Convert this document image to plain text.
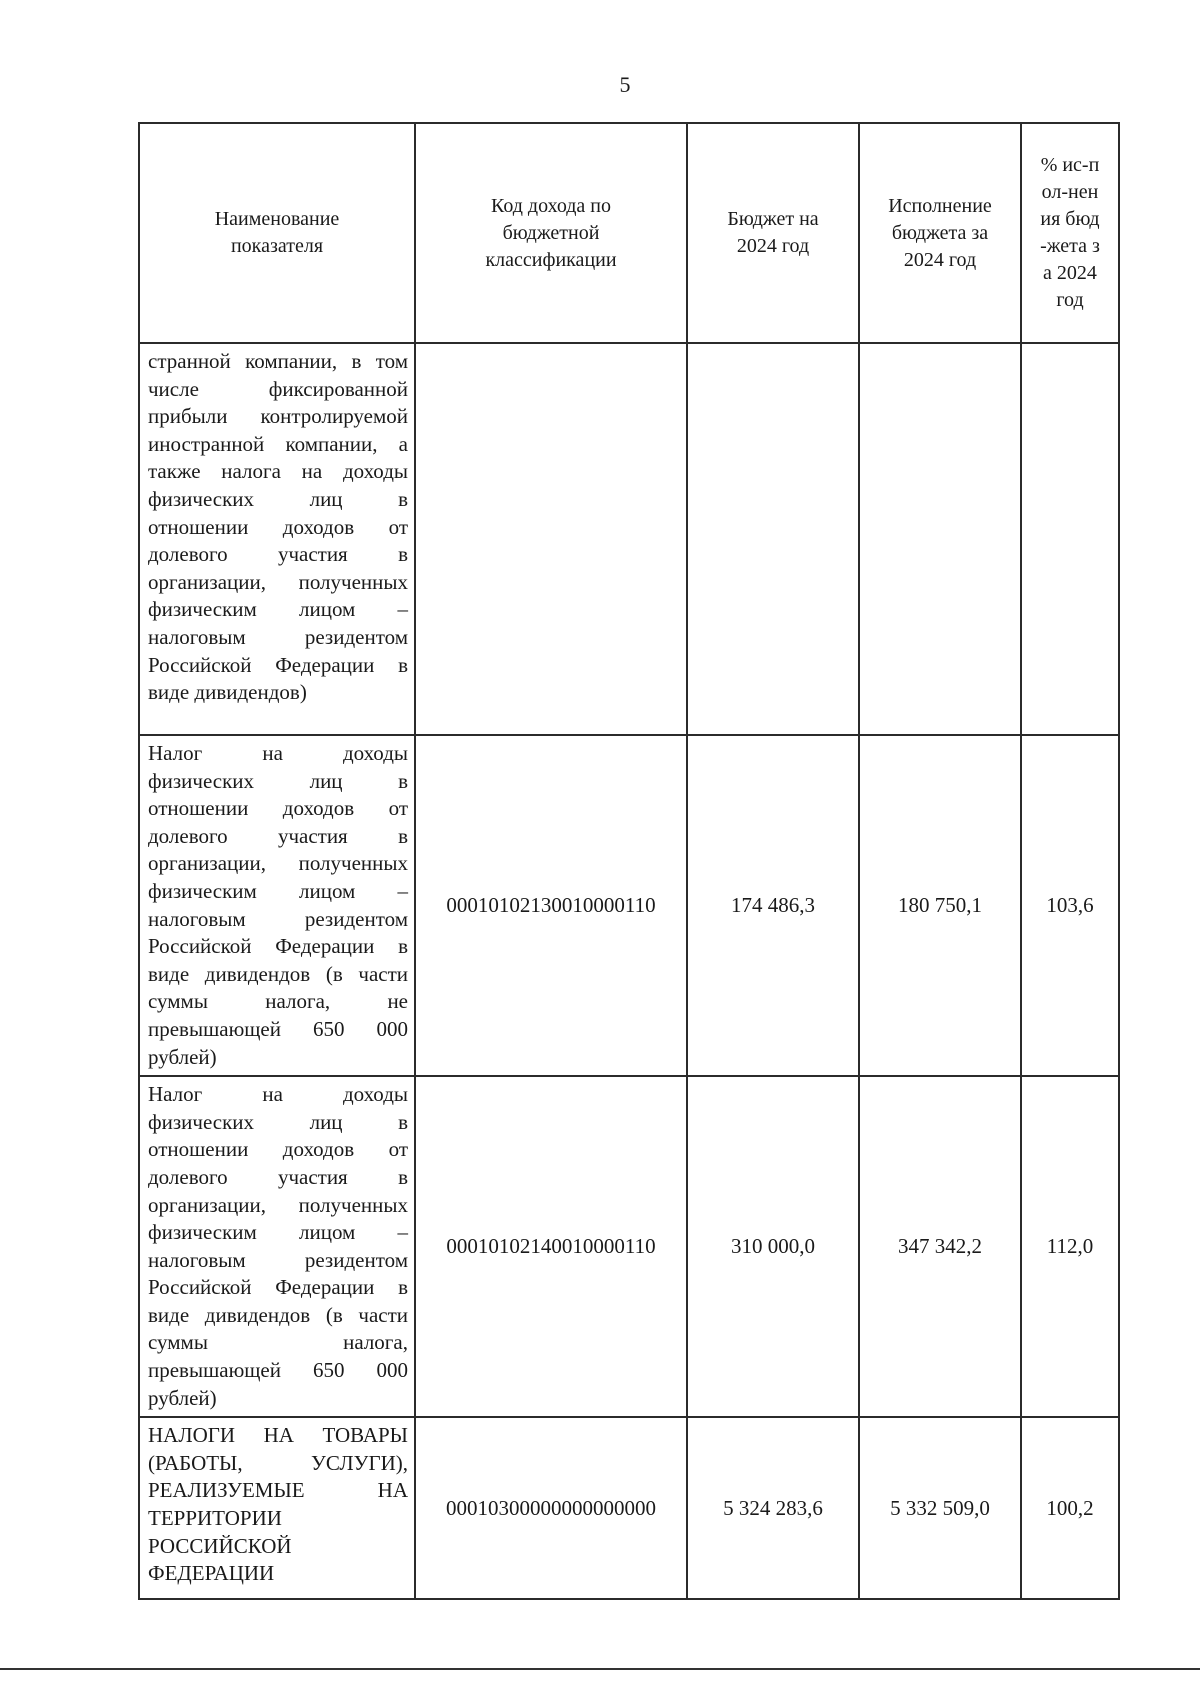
5
Наименование показателя	Код дохода по бюджетной классификации	Бюджет на 2024 год	Исполнение бюджета за 2024 год	% ис-пол-нения бюд-жета за 2024 год
странной компании, в том числе фиксированной прибыли контролируемой иностранной компании, а также налога на доходы физических лиц в отношении доходов от долевого участия в организации, полученных физическим лицом – налоговым резидентом Российской Федерации в виде дивидендов)				
Налог на доходы физических лиц в отношении доходов от долевого участия в организации, полученных физическим лицом – налоговым резидентом Российской Федерации в виде дивидендов (в части суммы налога, не превышающей 650 000 рублей)	00010102130010000110	174 486,3	180 750,1	103,6
Налог на доходы физических лиц в отношении доходов от долевого участия в организации, полученных физическим лицом – налоговым резидентом Российской Федерации в виде дивидендов (в части суммы налога, превышающей 650 000 рублей)	00010102140010000110	310 000,0	347 342,2	112,0
НАЛОГИ НА ТОВАРЫ (РАБОТЫ, УСЛУГИ), РЕАЛИЗУЕМЫЕ НА ТЕРРИТОРИИ РОССИЙСКОЙ ФЕДЕРАЦИИ	00010300000000000000	5 324 283,6	5 332 509,0	100,2
